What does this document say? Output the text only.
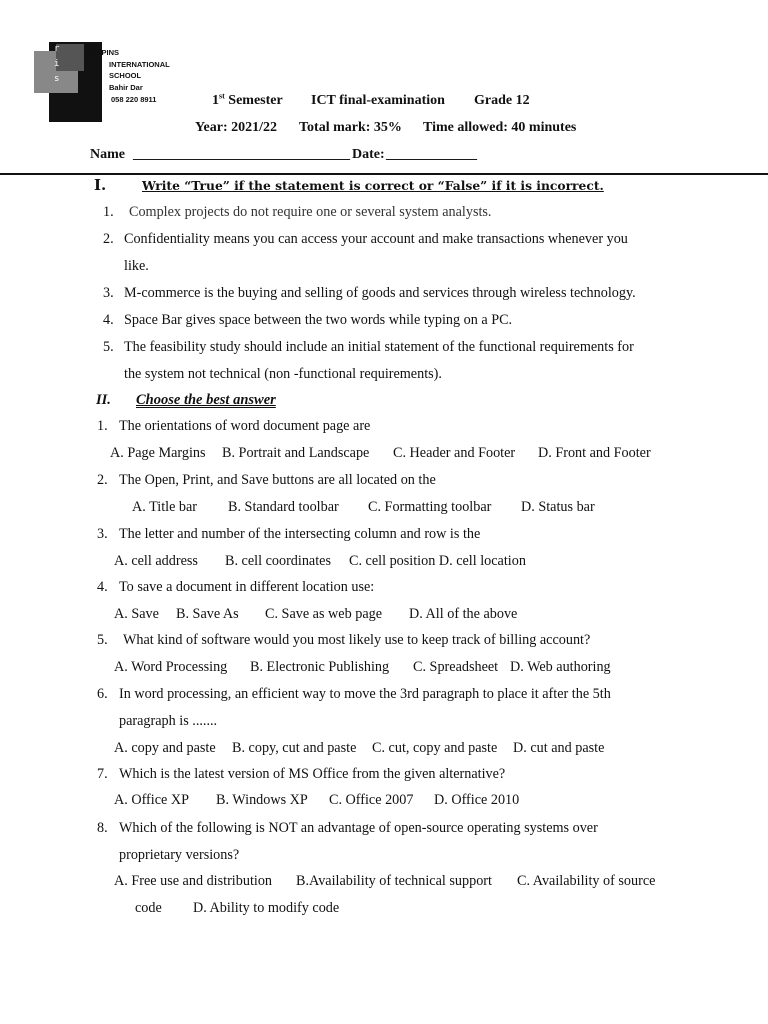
r
i
s
RISPINS
INTERNATIONAL
SCHOOL
Bahir Dar
058 220 8911	1st Semester ICT final-examination Grade 12
Year: 2021/22 Total mark: 35% Time allowed: 40 minutes
Name _______________________________ Date: _____________
I.	Write “True” if the statement is correct or “False” if it is incorrect.
1. Complex projects do not require one or several system analysts.
2. Confidentiality means you can access your account and make transactions whenever you
like.
3. M-commerce is the buying and selling of goods and services through wireless technology.
4. Space Bar gives space between the two words while typing on a PC.
5. The feasibility study should include an initial statement of the functional requirements for
the system not technical (non -functional requirements).
II. Choose the best answer
1. The orientations of word document page are
A. Page Margins B. Portrait and Landscape C. Header and Footer D. Front and Footer
2. The Open, Print, and Save buttons are all located on the
A. Title bar B. Standard toolbar C. Formatting toolbar D. Status bar
3. The letter and number of the intersecting column and row is the
A. cell address B. cell coordinates C. cell position D. cell location
4. To save a document in different location use:
A. Save B. Save As C. Save as web page D. All of the above
5. What kind of software would you most likely use to keep track of billing account?
A. Word Processing B. Electronic Publishing C. Spreadsheet D. Web authoring
6. In word processing, an efficient way to move the 3rd paragraph to place it after the 5th
paragraph is .......
A. copy and paste B. copy, cut and paste C. cut, copy and paste D. cut and paste
7. Which is the latest version of MS Office from the given alternative?
A. Office XP B. Windows XP C. Office 2007 D. Office 2010
8. Which of the following is NOT an advantage of open-source operating systems over
proprietary versions?
A. Free use and distribution B.Availability of technical support C. Availability of source
code D. Ability to modify code
